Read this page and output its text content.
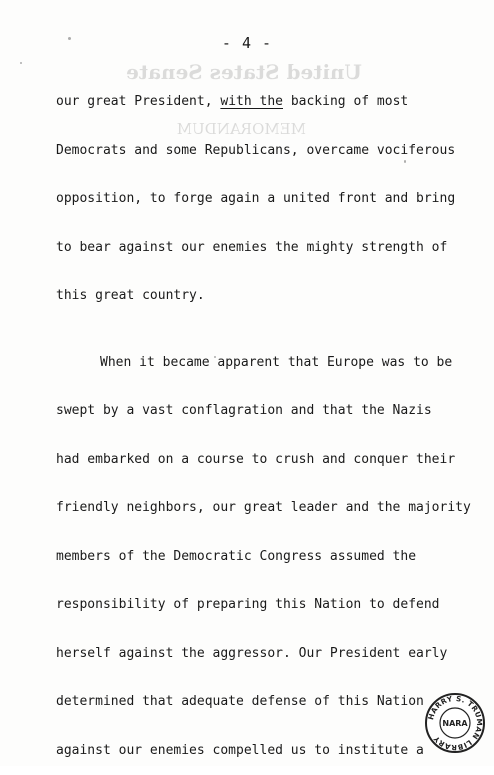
- 4 -
United States Senate
MEMORANDUM
our great President, with the backing of most
Democrats and some Republicans, overcame vociferous
opposition, to forge again a united front and bring
to bear against our enemies the mighty strength of
this great country.
When it became apparent that Europe was to be
swept by a vast conflagration and that the Nazis
had embarked on a course to crush and conquer their
friendly neighbors, our great leader and the majority
members of the Democratic Congress assumed the
responsibility of preparing this Nation to defend
herself against the aggressor. Our President early
determined that adequate defense of this Nation
against our enemies compelled us to institute a
HARRY S. TRUMAN LIBRARY
NARA
